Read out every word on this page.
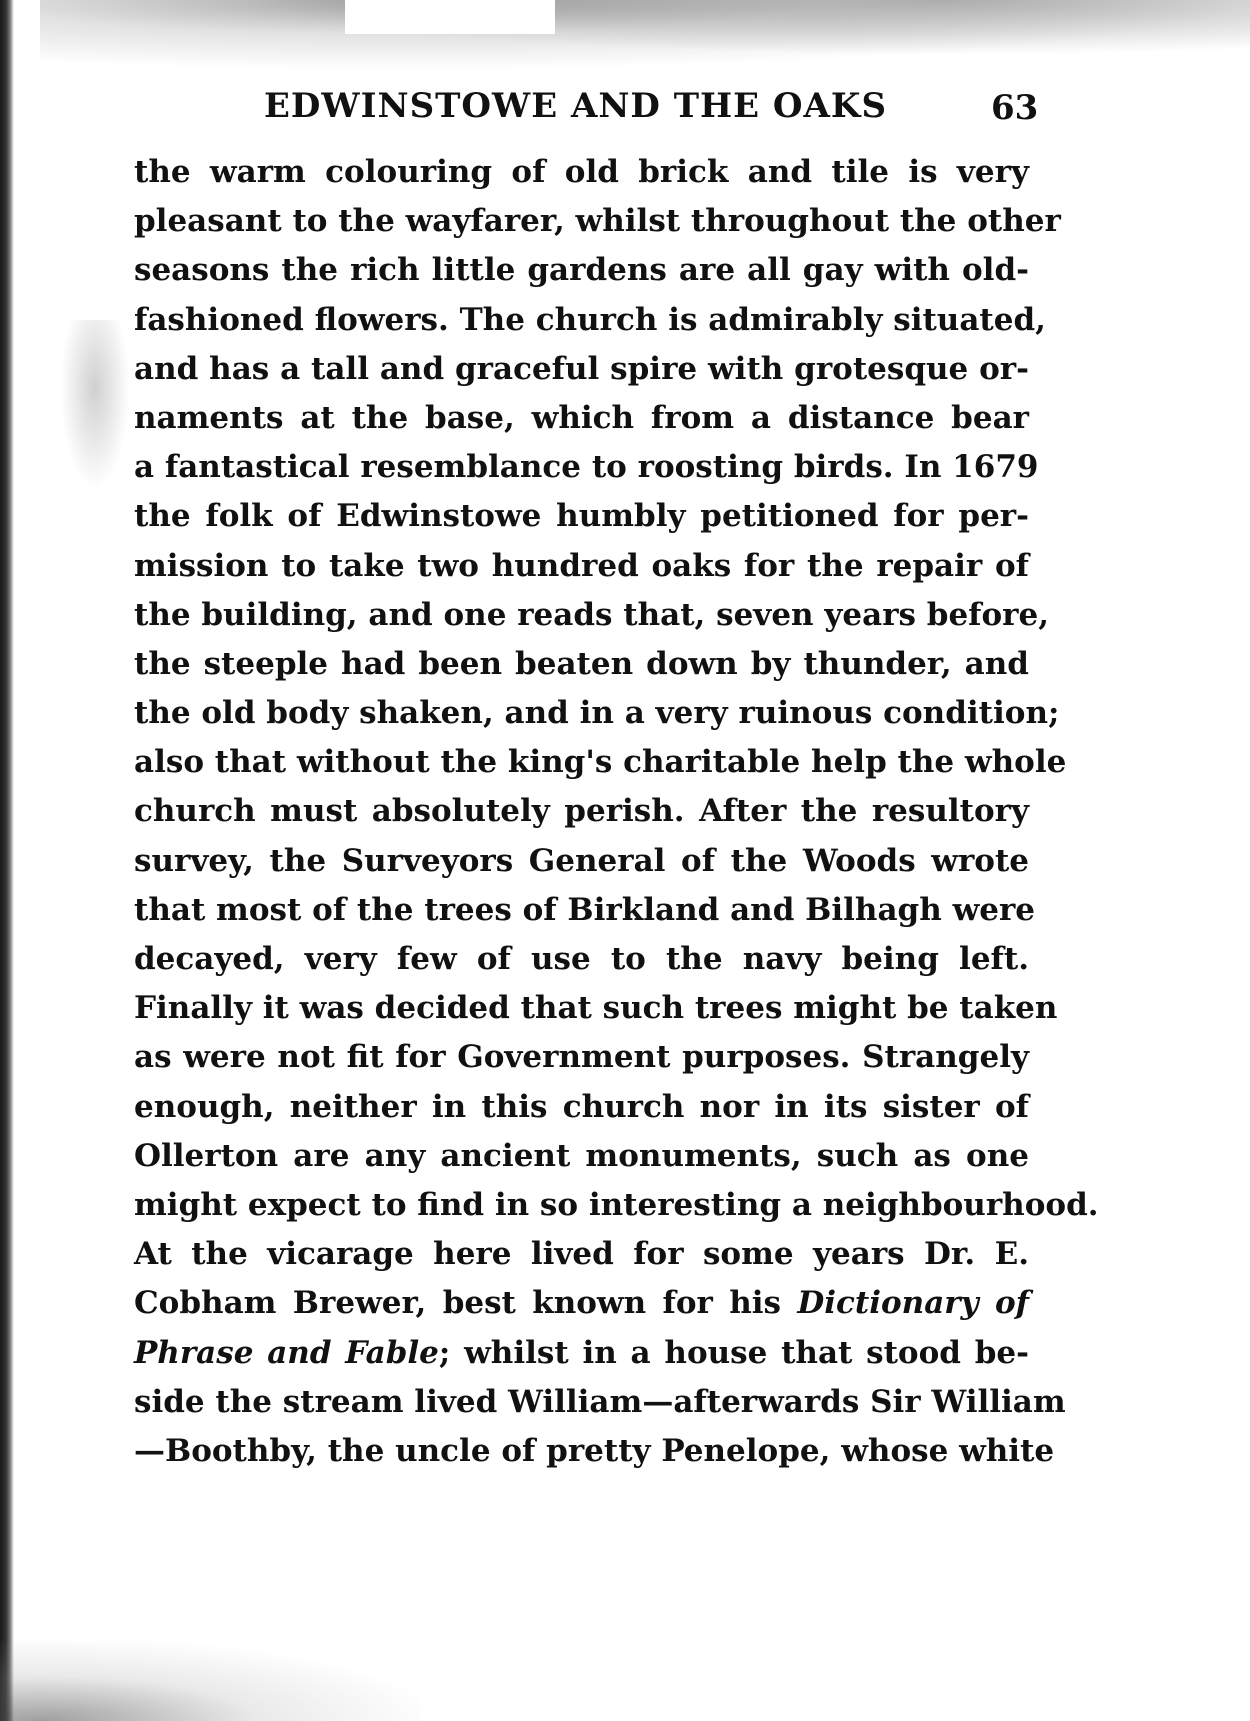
EDWINSTOWE AND THE OAKS	63
the warm colouring of old brick and tile is very
pleasant to the wayfarer, whilst throughout the other
seasons the rich little gardens are all gay with old-
fashioned flowers. The church is admirably situated,
and has a tall and graceful spire with grotesque or-
naments at the base, which from a distance bear
a fantastical resemblance to roosting birds. In 1679
the folk of Edwinstowe humbly petitioned for per-
mission to take two hundred oaks for the repair of
the building, and one reads that, seven years before,
the steeple had been beaten down by thunder, and
the old body shaken, and in a very ruinous condition;
also that without the king's charitable help the whole
church must absolutely perish. After the resultory
survey, the Surveyors General of the Woods wrote
that most of the trees of Birkland and Bilhagh were
decayed, very few of use to the navy being left.
Finally it was decided that such trees might be taken
as were not fit for Government purposes. Strangely
enough, neither in this church nor in its sister of
Ollerton are any ancient monuments, such as one
might expect to find in so interesting a neighbourhood.
At the vicarage here lived for some years Dr. E.
Cobham Brewer, best known for his Dictionary of
Phrase and Fable; whilst in a house that stood be-
side the stream lived William—afterwards Sir William
—Boothby, the uncle of pretty Penelope, whose white
